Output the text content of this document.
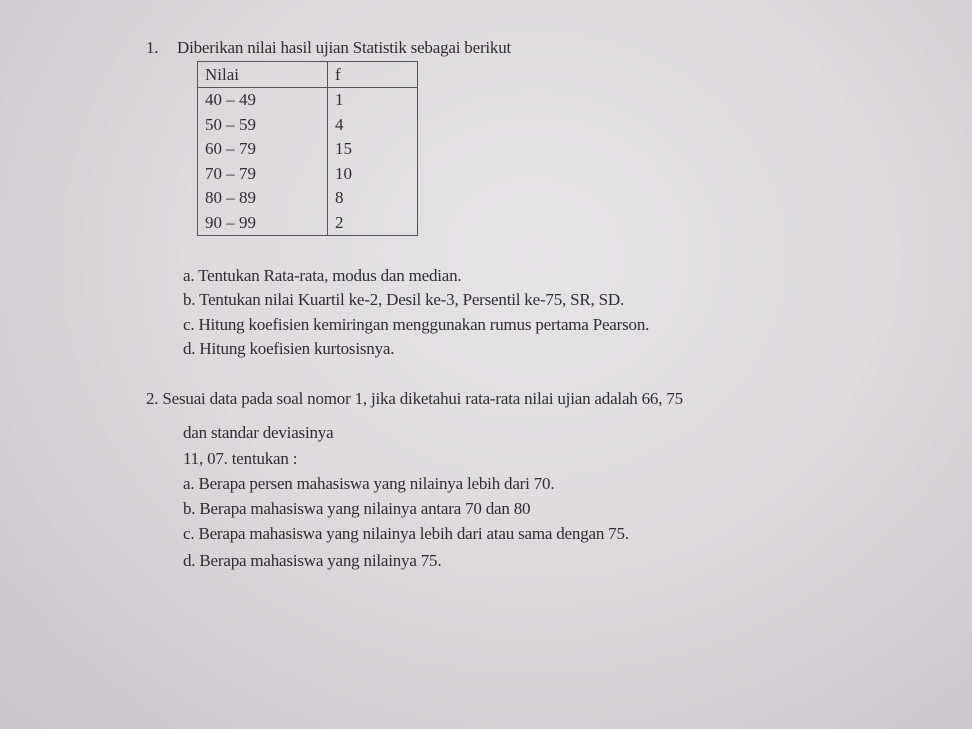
1. Diberikan nilai hasil ujian Statistik sebagai berikut
Nilai	f
40 – 49	1
50 – 59	4
60 – 79	15
70 – 79	10
80 – 89	8
90 – 99	2
a. Tentukan Rata-rata, modus dan median.
b. Tentukan nilai Kuartil ke-2, Desil ke-3, Persentil ke-75, SR, SD.
c. Hitung koefisien kemiringan menggunakan rumus pertama Pearson.
d. Hitung koefisien kurtosisnya.
2. Sesuai data pada soal nomor 1, jika diketahui rata-rata nilai ujian adalah 66, 75
dan standar deviasinya
11, 07. tentukan :
a. Berapa persen mahasiswa yang nilainya lebih dari 70.
b. Berapa mahasiswa yang nilainya antara 70 dan 80
c. Berapa mahasiswa yang nilainya lebih dari atau sama dengan 75.
d. Berapa mahasiswa yang nilainya 75.
